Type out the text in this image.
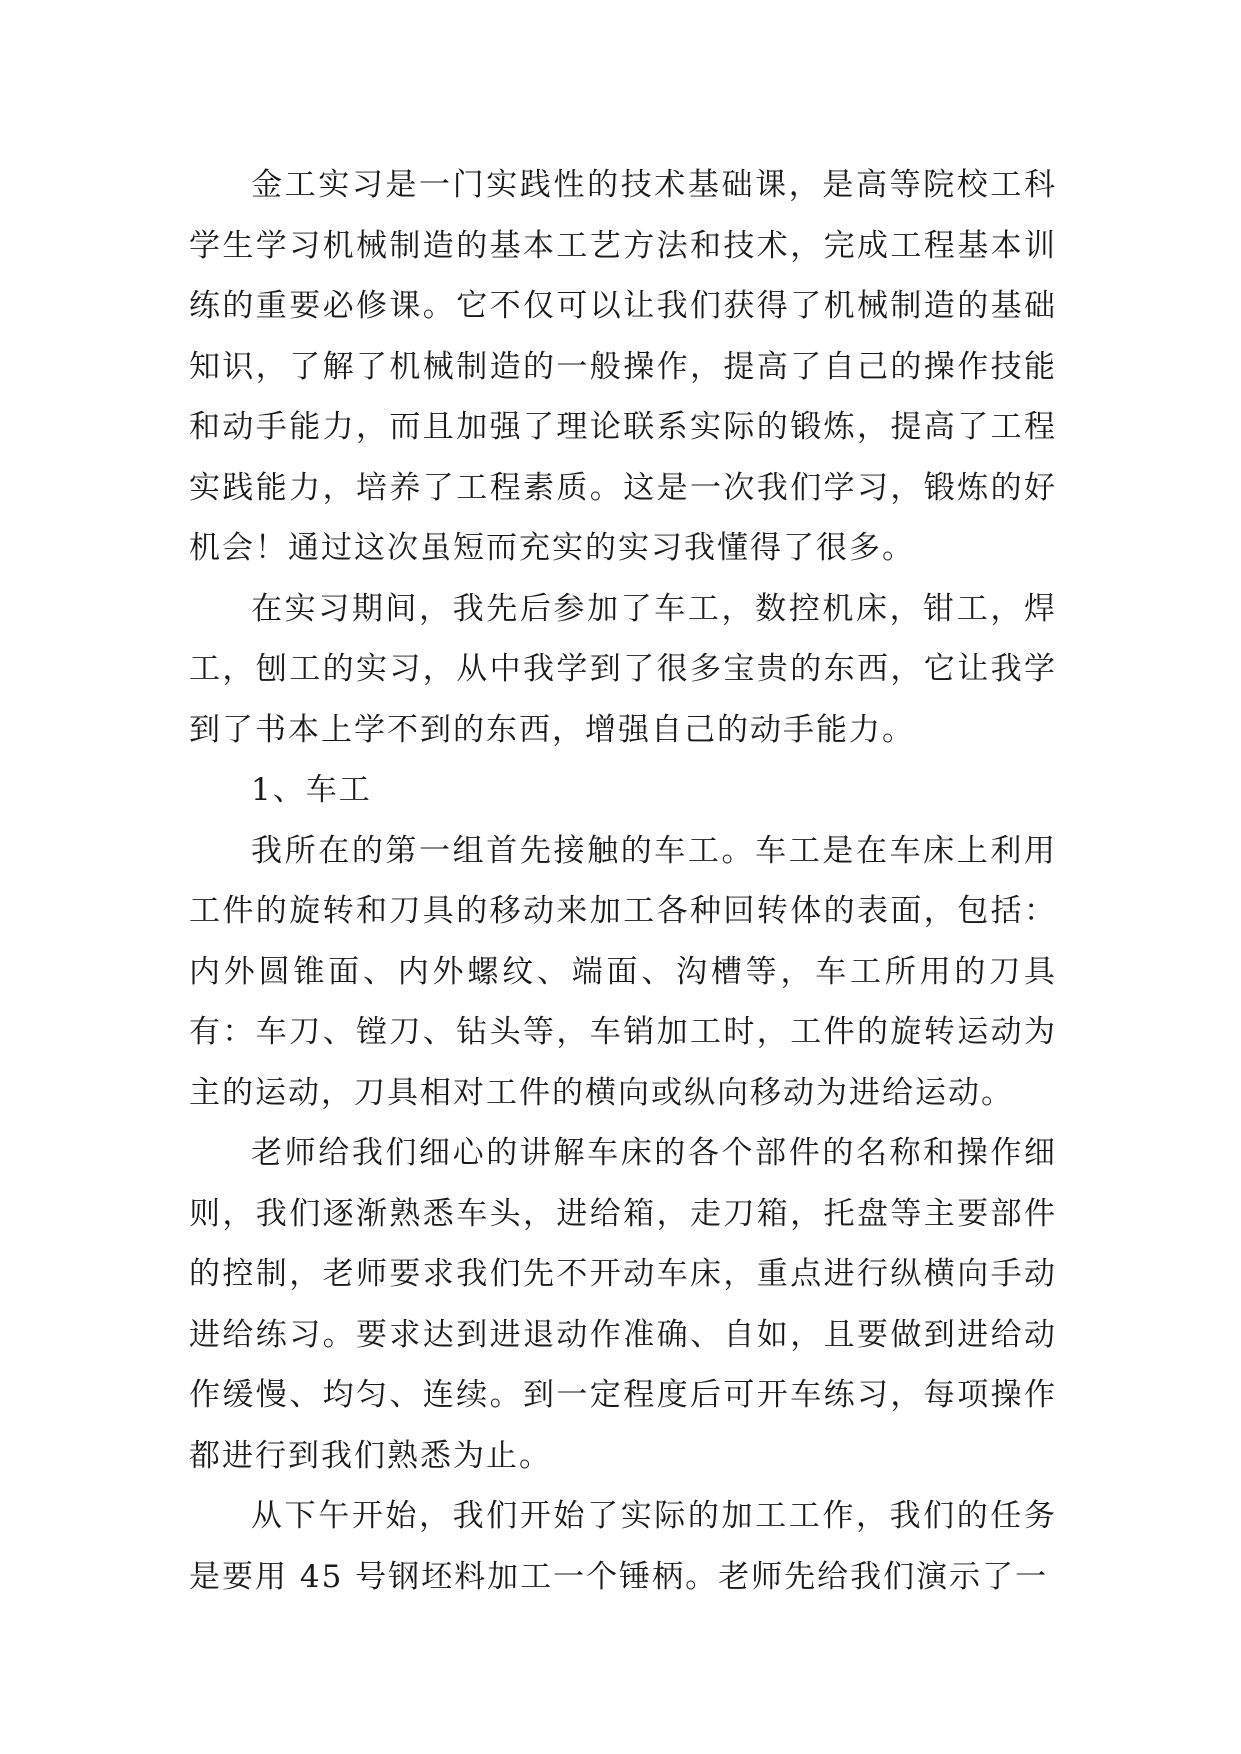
金工实习是一门实践性的技术基础课，是高等院校工科学生学习机械制造的基本工艺方法和技术，完成工程基本训练的重要必修课。它不仅可以让我们获得了机械制造的基础知识，了解了机械制造的一般操作，提高了自己的操作技能和动手能力，而且加强了理论联系实际的锻炼，提高了工程实践能力，培养了工程素质。这是一次我们学习，锻炼的好机会！通过这次虽短而充实的实习我懂得了很多。

在实习期间，我先后参加了车工，数控机床，钳工，焊工，刨工的实习，从中我学到了很多宝贵的东西，它让我学到了书本上学不到的东西，增强自己的动手能力。

1、车工

我所在的第一组首先接触的车工。车工是在车床上利用工件的旋转和刀具的移动来加工各种回转体的表面，包括：内外圆锥面、内外螺纹、端面、沟槽等，车工所用的刀具有：车刀、镗刀、钻头等，车销加工时，工件的旋转运动为主的运动，刀具相对工件的横向或纵向移动为进给运动。

老师给我们细心的讲解车床的各个部件的名称和操作细则，我们逐渐熟悉车头，进给箱，走刀箱，托盘等主要部件的控制，老师要求我们先不开动车床，重点进行纵横向手动进给练习。要求达到进退动作准确、自如，且要做到进给动作缓慢、均匀、连续。到一定程度后可开车练习，每项操作都进行到我们熟悉为止。

从下午开始，我们开始了实际的加工工作，我们的任务是要用 45 号钢坯料加工一个锤柄。老师先给我们演示了一
